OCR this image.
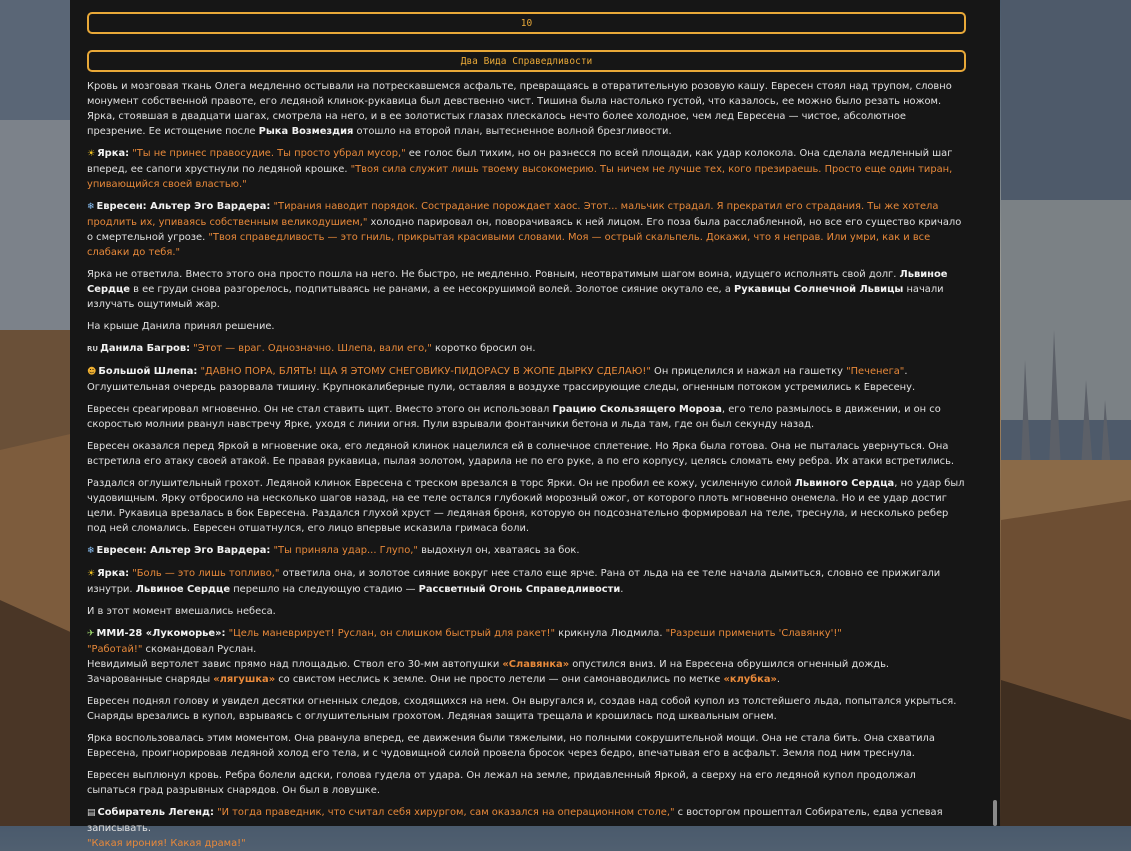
10
Два Вида Справедливости

Кровь и мозговая ткань Олега медленно остывали на потрескавшемся асфальте, превращаясь в отвратительную розовую кашу. Евресен стоял над трупом, словно монумент собственной правоте, его ледяной клинок-рукавица был девственно чист. Тишина была настолько густой, что казалось, ее можно было резать ножом. Ярка, стоявшая в двадцати шагах, смотрела на него, и в ее золотистых глазах плескалось нечто более холодное, чем лед Евресена — чистое, абсолютное презрение. Ее истощение после Рыка Возмездия отошло на второй план, вытесненное волной брезгливости.

☀ Ярка: "Ты не принес правосудие. Ты просто убрал мусор," ее голос был тихим, но он разнесся по всей площади, как удар колокола. Она сделала медленный шаг вперед, ее сапоги хрустнули по ледяной крошке. "Твоя сила служит лишь твоему высокомерию. Ты ничем не лучше тех, кого презираешь. Просто еще один тиран, упивающийся своей властью."

❄ Евресен: Альтер Эго Вардера: "Тирания наводит порядок. Сострадание порождает хаос. Этот... мальчик страдал. Я прекратил его страдания. Ты же хотела продлить их, упиваясь собственным великодушием," холодно парировал он, поворачиваясь к ней лицом. Его поза была расслабленной, но все его существо кричало о смертельной угрозе. "Твоя справедливость — это гниль, прикрытая красивыми словами. Моя — острый скальпель. Докажи, что я неправ. Или умри, как и все слабаки до тебя."

Ярка не ответила. Вместо этого она просто пошла на него. Не быстро, не медленно. Ровным, неотвратимым шагом воина, идущего исполнять свой долг. Львиное Сердце в ее груди снова разгорелось, подпитываясь не ранами, а ее несокрушимой волей. Золотое сияние окутало ее, а Рукавицы Солнечной Львицы начали излучать ощутимый жар.

На крыше Данила принял решение.

RU Данила Багров: "Этот — враг. Однозначно. Шлепа, вали его," коротко бросил он.

☻ Большой Шлепа: "ДАВНО ПОРА, БЛЯТЬ! ЩА Я ЭТОМУ СНЕГОВИКУ-ПИДОРАСУ В ЖОПЕ ДЫРКУ СДЕЛАЮ!" Он прицелился и нажал на гашетку "Печенега". Оглушительная очередь разорвала тишину. Крупнокалиберные пули, оставляя в воздухе трассирующие следы, огненным потоком устремились к Евресену.

Евресен среагировал мгновенно. Он не стал ставить щит. Вместо этого он использовал Грацию Скользящего Мороза, его тело размылось в движении, и он со скоростью молнии рванул навстречу Ярке, уходя с линии огня. Пули взрывали фонтанчики бетона и льда там, где он был секунду назад.

Евресен оказался перед Яркой в мгновение ока, его ледяной клинок нацелился ей в солнечное сплетение. Но Ярка была готова. Она не пыталась увернуться. Она встретила его атаку своей атакой. Ее правая рукавица, пылая золотом, ударила не по его руке, а по его корпусу, целясь сломать ему ребра. Их атаки встретились.

Раздался оглушительный грохот. Ледяной клинок Евресена с треском врезался в торс Ярки. Он не пробил ее кожу, усиленную силой Львиного Сердца, но удар был чудовищным. Ярку отбросило на несколько шагов назад, на ее теле остался глубокий морозный ожог, от которого плоть мгновенно онемела. Но и ее удар достиг цели. Рукавица врезалась в бок Евресена. Раздался глухой хруст — ледяная броня, которую он подсознательно формировал на теле, треснула, и несколько ребер под ней сломались. Евресен отшатнулся, его лицо впервые исказила гримаса боли.

❄ Евресен: Альтер Эго Вардера: "Ты приняла удар... Глупо," выдохнул он, хватаясь за бок.

☀ Ярка: "Боль — это лишь топливо," ответила она, и золотое сияние вокруг нее стало еще ярче. Рана от льда на ее теле начала дымиться, словно ее прижигали изнутри. Львиное Сердце перешло на следующую стадию — Рассветный Огонь Справедливости.

И в этот момент вмешались небеса.

✈ ММИ-28 «Лукоморье»: "Цель маневрирует! Руслан, он слишком быстрый для ракет!" крикнула Людмила. "Разреши применить 'Славянку'!"
"Работай!" скомандовал Руслан.
Невидимый вертолет завис прямо над площадью. Ствол его 30-мм автопушки «Славянка» опустился вниз. И на Евресена обрушился огненный дождь. Зачарованные снаряды «лягушка» со свистом неслись к земле. Они не просто летели — они самонаводились по метке «клубка».

Евресен поднял голову и увидел десятки огненных следов, сходящихся на нем. Он выругался и, создав над собой купол из толстейшего льда, попытался укрыться. Снаряды врезались в купол, взрываясь с оглушительным грохотом. Ледяная защита трещала и крошилась под шквальным огнем.

Ярка воспользовалась этим моментом. Она рванула вперед, ее движения были тяжелыми, но полными сокрушительной мощи. Она не стала бить. Она схватила Евресена, проигнорировав ледяной холод его тела, и с чудовищной силой провела бросок через бедро, впечатывая его в асфальт. Земля под ним треснула.

Евресен выплюнул кровь. Ребра болели адски, голова гудела от удара. Он лежал на земле, придавленный Яркой, а сверху на его ледяной купол продолжал сыпаться град разрывных снарядов. Он был в ловушке.

▤ Собиратель Легенд: "И тогда праведник, что считал себя хирургом, сам оказался на операционном столе," с восторгом прошептал Собиратель, едва успевая записывать.
"Какая ирония! Какая драма!"
